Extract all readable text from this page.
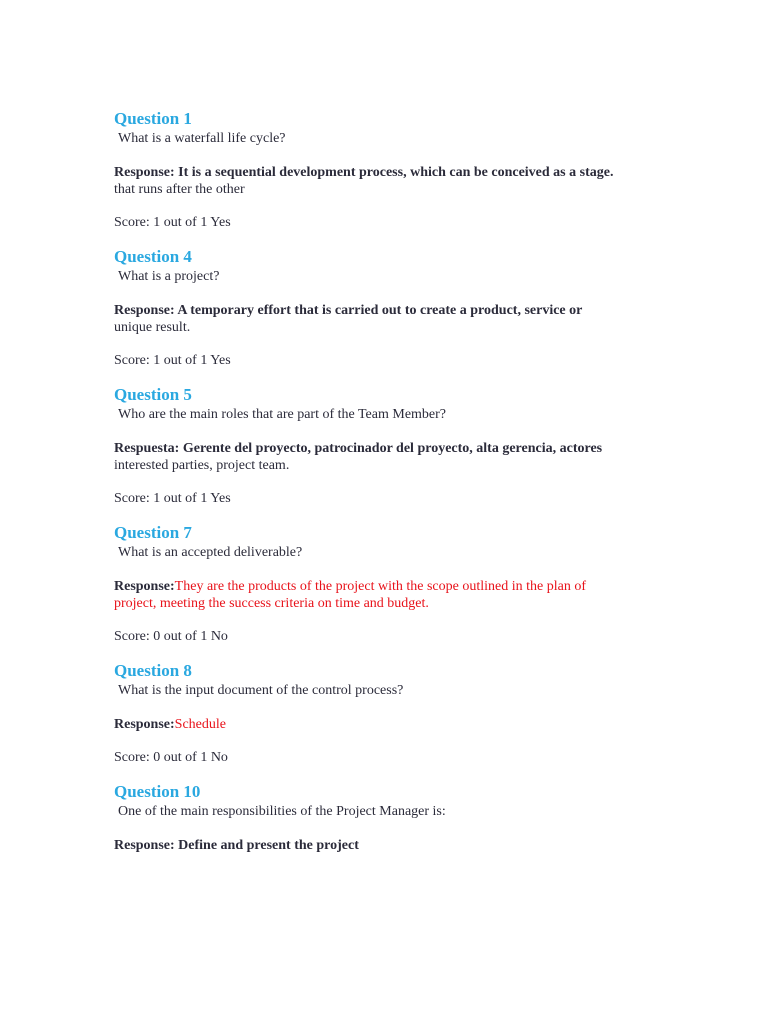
Question 1
What is a waterfall life cycle?
Response: It is a sequential development process, which can be conceived as a stage.
that runs after the other
Score: 1 out of 1 Yes
Question 4
What is a project?
Response: A temporary effort that is carried out to create a product, service or
unique result.
Score: 1 out of 1 Yes
Question 5
Who are the main roles that are part of the Team Member?
Respuesta: Gerente del proyecto, patrocinador del proyecto, alta gerencia, actores
interested parties, project team.
Score: 1 out of 1 Yes
Question 7
What is an accepted deliverable?
Response:They are the products of the project with the scope outlined in the plan of
project, meeting the success criteria on time and budget.
Score: 0 out of 1 No
Question 8
What is the input document of the control process?
Response:Schedule
Score: 0 out of 1 No
Question 10
One of the main responsibilities of the Project Manager is:
Response: Define and present the project
